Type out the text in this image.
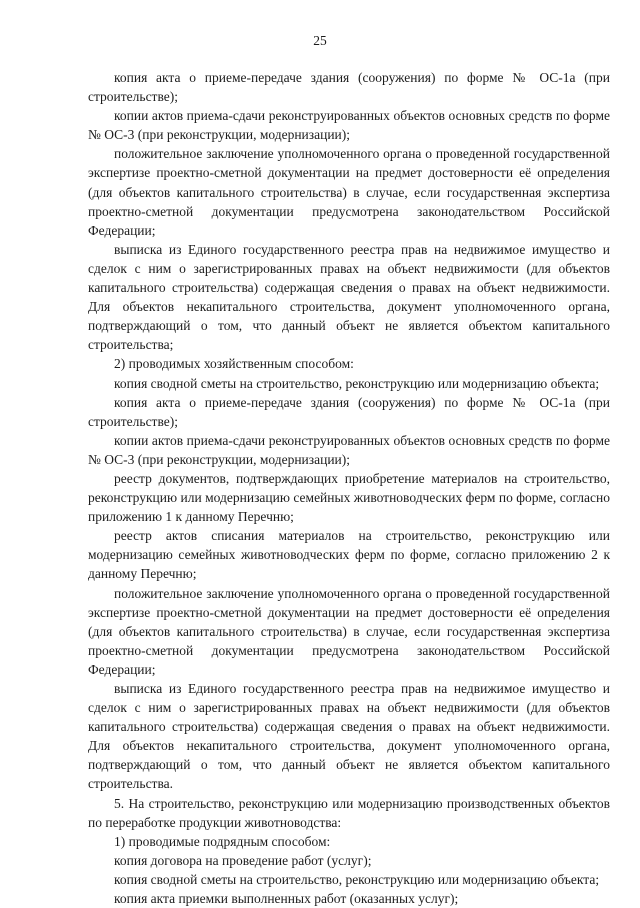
25

копия акта о приеме-передаче здания (сооружения) по форме № ОС-1а (при строительстве);

копии актов приема-сдачи реконструированных объектов основных средств по форме № ОС-3 (при реконструкции, модернизации);

положительное заключение уполномоченного органа о проведенной государственной экспертизе проектно-сметной документации на предмет достоверности её определения (для объектов капитального строительства) в случае, если государственная экспертиза проектно-сметной документации предусмотрена законодательством Российской Федерации;

выписка из Единого государственного реестра прав на недвижимое имущество и сделок с ним о зарегистрированных правах на объект недвижимости (для объектов капитального строительства) содержащая сведения о правах на объект недвижимости. Для объектов некапитального строительства, документ уполномоченного органа, подтверждающий о том, что данный объект не является объектом капитального строительства;

2) проводимых хозяйственным способом:

копия сводной сметы на строительство, реконструкцию или модернизацию объекта;

копия акта о приеме-передаче здания (сооружения) по форме № ОС-1а (при строительстве);

копии актов приема-сдачи реконструированных объектов основных средств по форме № ОС-3 (при реконструкции, модернизации);

реестр документов, подтверждающих приобретение материалов на строительство, реконструкцию или модернизацию семейных животноводческих ферм по форме, согласно приложению 1 к данному Перечню;

реестр актов списания материалов на строительство, реконструкцию или модернизацию семейных животноводческих ферм по форме, согласно приложению 2 к данному Перечню;

положительное заключение уполномоченного органа о проведенной государственной экспертизе проектно-сметной документации на предмет достоверности её определения (для объектов капитального строительства) в случае, если государственная экспертиза проектно-сметной документации предусмотрена законодательством Российской Федерации;

выписка из Единого государственного реестра прав на недвижимое имущество и сделок с ним о зарегистрированных правах на объект недвижимости (для объектов капитального строительства) содержащая сведения о правах на объект недвижимости. Для объектов некапитального строительства, документ уполномоченного органа, подтверждающий о том, что данный объект не является объектом капитального строительства.

5. На строительство, реконструкцию или модернизацию производственных объектов по переработке продукции животноводства:

1) проводимые подрядным способом:

копия договора на проведение работ (услуг);

копия сводной сметы на строительство, реконструкцию или модернизацию объекта;

копия акта приемки выполненных работ (оказанных услуг);
